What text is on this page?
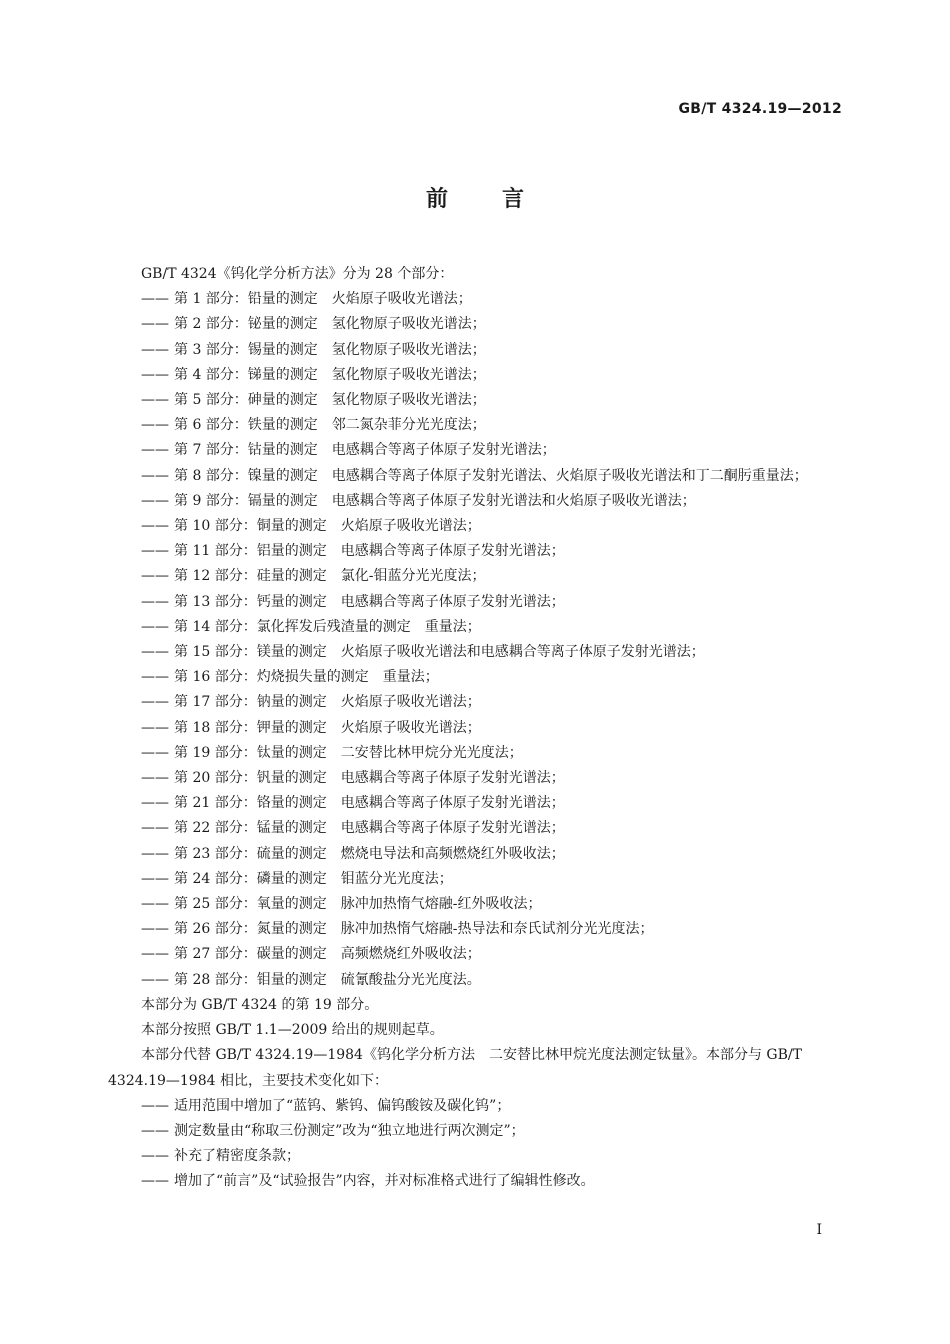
GB/T 4324.19—2012
前言
GB/T 4324《钨化学分析方法》分为 28 个部分：
—— 第 1 部分：铅量的测定　火焰原子吸收光谱法；
—— 第 2 部分：铋量的测定　氢化物原子吸收光谱法；
—— 第 3 部分：锡量的测定　氢化物原子吸收光谱法；
—— 第 4 部分：锑量的测定　氢化物原子吸收光谱法；
—— 第 5 部分：砷量的测定　氢化物原子吸收光谱法；
—— 第 6 部分：铁量的测定　邻二氮杂菲分光光度法；
—— 第 7 部分：钴量的测定　电感耦合等离子体原子发射光谱法；
—— 第 8 部分：镍量的测定　电感耦合等离子体原子发射光谱法、火焰原子吸收光谱法和丁二酮肟重量法；
—— 第 9 部分：镉量的测定　电感耦合等离子体原子发射光谱法和火焰原子吸收光谱法；
—— 第 10 部分：铜量的测定　火焰原子吸收光谱法；
—— 第 11 部分：铝量的测定　电感耦合等离子体原子发射光谱法；
—— 第 12 部分：硅量的测定　氯化-钼蓝分光光度法；
—— 第 13 部分：钙量的测定　电感耦合等离子体原子发射光谱法；
—— 第 14 部分：氯化挥发后残渣量的测定　重量法；
—— 第 15 部分：镁量的测定　火焰原子吸收光谱法和电感耦合等离子体原子发射光谱法；
—— 第 16 部分：灼烧损失量的测定　重量法；
—— 第 17 部分：钠量的测定　火焰原子吸收光谱法；
—— 第 18 部分：钾量的测定　火焰原子吸收光谱法；
—— 第 19 部分：钛量的测定　二安替比林甲烷分光光度法；
—— 第 20 部分：钒量的测定　电感耦合等离子体原子发射光谱法；
—— 第 21 部分：铬量的测定　电感耦合等离子体原子发射光谱法；
—— 第 22 部分：锰量的测定　电感耦合等离子体原子发射光谱法；
—— 第 23 部分：硫量的测定　燃烧电导法和高频燃烧红外吸收法；
—— 第 24 部分：磷量的测定　钼蓝分光光度法；
—— 第 25 部分：氧量的测定　脉冲加热惰气熔融-红外吸收法；
—— 第 26 部分：氮量的测定　脉冲加热惰气熔融-热导法和奈氏试剂分光光度法；
—— 第 27 部分：碳量的测定　高频燃烧红外吸收法；
—— 第 28 部分：钼量的测定　硫氰酸盐分光光度法。
本部分为 GB/T 4324 的第 19 部分。
本部分按照 GB/T 1.1—2009 给出的规则起草。
本部分代替 GB/T 4324.19—1984《钨化学分析方法　二安替比林甲烷光度法测定钛量》。本部分与 GB/T 4324.19—1984 相比，主要技术变化如下：
—— 适用范围中增加了“蓝钨、紫钨、偏钨酸铵及碳化钨”；
—— 测定数量由“称取三份测定”改为“独立地进行两次测定”；
—— 补充了精密度条款；
—— 增加了“前言”及“试验报告”内容，并对标准格式进行了编辑性修改。
I
